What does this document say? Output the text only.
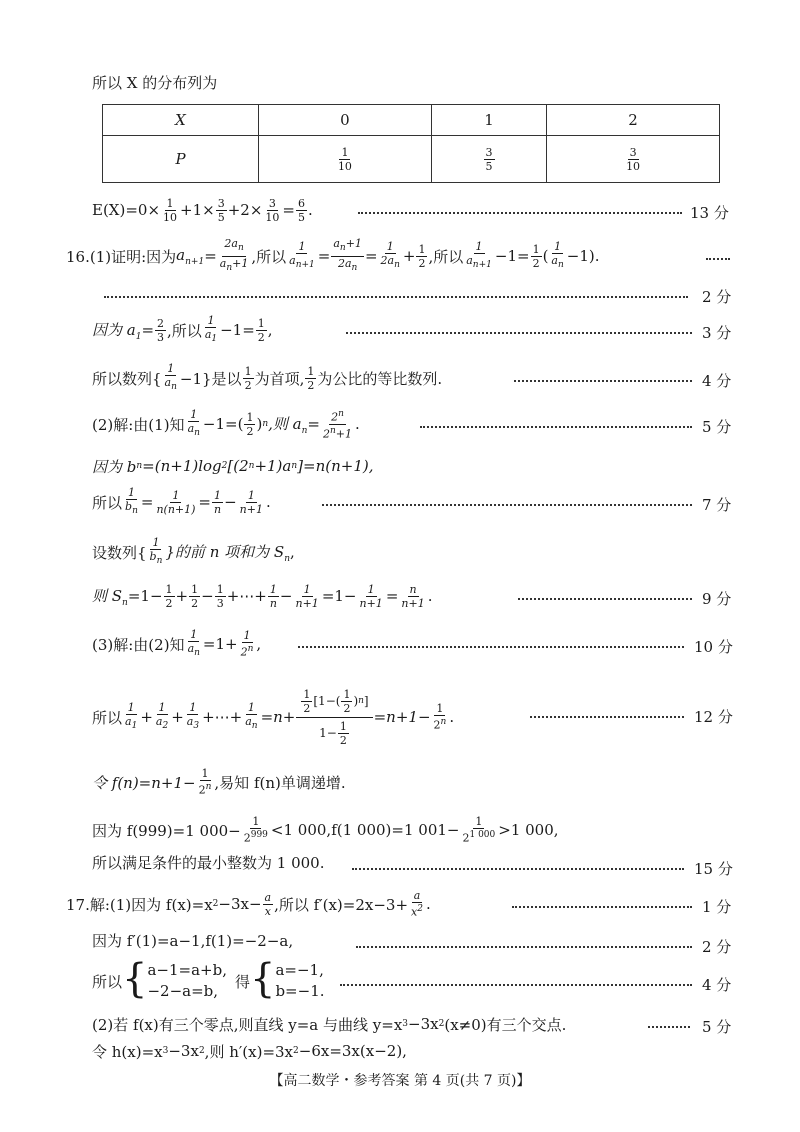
所以 X 的分布列为
X	0	1	2
P	$\frac{1}{10}$	$\frac{3}{5}$	$\frac{3}{10}$
$E(X)=0\times \frac{1}{10} +1\times \frac{3}{5} +2\times \frac{3}{10} = \frac{6}{5}$ .	13 分
16.(1)证明:因为 $a_{n+1} = \frac{2a_n}{a_n+1}$ ,所以 $\frac{1}{a_{n+1}} = \frac{a_n+1}{2a_n} = \frac{1}{2a_n} + \frac{1}{2}$ ,所以
1
$a_{n+1}$
$-1= \frac{1}{2}$ (
1
$a_n$
−1).
2 分
因为 $a_1 = \frac{2}{3}$ ,所以
1
$a_1$
$-1= \frac{1}{2}$ ,	3 分
所以数列{
1
$a_n -1$}是以 1
2 为首项, 1
2 为公比的等比数列.	4 分
(2)解:由(1)知
1
$a_n$
−1=( 1
2 ) n ,则 $a_n = \frac{2^n}{2^n+1}$ .	5 分
因为 b n =(n+1)log 2 [(2 n +1)a n ]=n(n+1),
所以 $\frac{1}{b_n} = \frac{1}{n(n+1)} = \frac{1}{n} - \frac{1}{n+1}$ .	7 分
设数列{
1
$b_n$
}的前 n 项和为 $S_n$ ,
则 $S_n =1- \frac{1}{2} + \frac{1}{2} - \frac{1}{3}$ +⋯+ $\frac{1}{n} - \frac{1}{n+1} =1- \frac{1}{n+1} = \frac{n}{n+1}$ .	9 分
(3)解:由(2)知 $\frac{1}{a_n} =1+ \frac{1}{2^n}$ ,	10 分
所以
1
$a_1$
+ $\frac{1}{a_2} + \frac{1}{a_3}$ +⋯+ $\frac{1}{a_n} =n+ 1$
2
[1−( 1
2
) n ]
$1- \frac{1}{2} =n+1- \frac{1}{2^n}$ .	12 分
令 $f(n)=n+1- \frac{1}{2^n}$ ,易知 f(n)单调递增.
因为 f(999)=1 $000- \frac{1}{2^{999}} <1$ 000,f(1 000)=1 $001- \frac{1}{2^{1 000}} >1$ 000,
所以满足条件的最小整数为 1 000.	15 分
17.解:(1)因为 f(x)=x $2 -3x- \frac{a}{x}$ ,所以 $f'(x)=2x-3+ \frac{a}{x^2}$ .	1 分
因为 f′(1)=a−1,f(1)=−2−a,	2 分
所以 { a−1=a+b,
−2−a=b,
得 { a=−1,
b=−1.	4 分
(2)若 f(x)有三个零点,则直线 y=a 与曲线 y=x 3 −3x 2 (x≠0)有三个交点.	5 分
令 h(x)=x 3 −3x 2 ,则 h′(x)=3x 2 −6x=3x(x−2),
【高二数学・参考答案 第 4 页(共 7 页)】
